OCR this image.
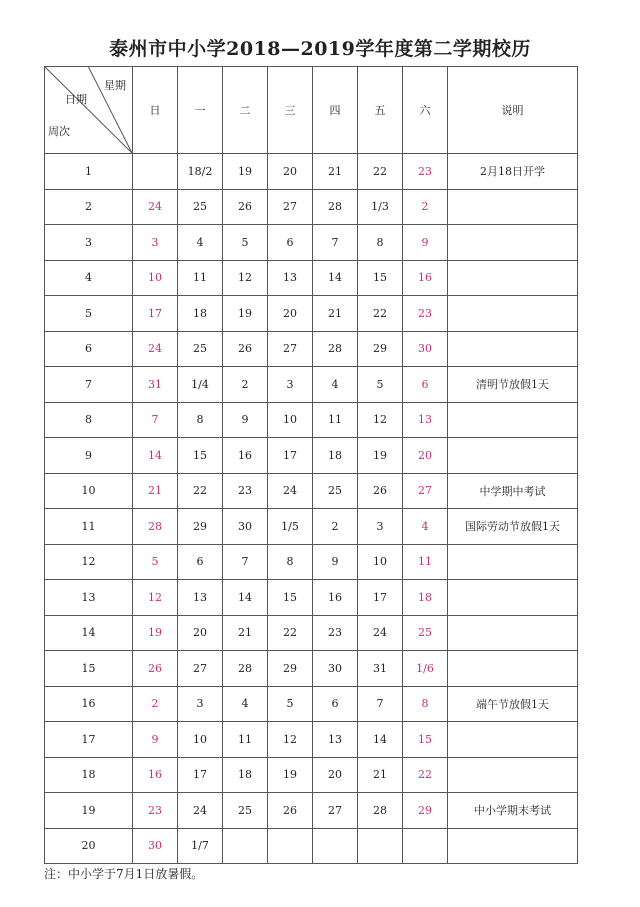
泰州市中小学2018—2019学年度第二学期校历
星期
日期
周次	日	一	二	三	四	五	六	说明
1		18/2	19	20	21	22	23	2月18日开学
2	24	25	26	27	28	1/3	2	
3	3	4	5	6	7	8	9	
4	10	11	12	13	14	15	16	
5	17	18	19	20	21	22	23	
6	24	25	26	27	28	29	30	
7	31	1/4	2	3	4	5	6	清明节放假1天
8	7	8	9	10	11	12	13	
9	14	15	16	17	18	19	20	
10	21	22	23	24	25	26	27	中学期中考试
11	28	29	30	1/5	2	3	4	国际劳动节放假1天
12	5	6	7	8	9	10	11	
13	12	13	14	15	16	17	18	
14	19	20	21	22	23	24	25	
15	26	27	28	29	30	31	1/6	
16	2	3	4	5	6	7	8	端午节放假1天
17	9	10	11	12	13	14	15	
18	16	17	18	19	20	21	22	
19	23	24	25	26	27	28	29	中小学期末考试
20	30	1/7						
注：中小学于7月1日放暑假。
